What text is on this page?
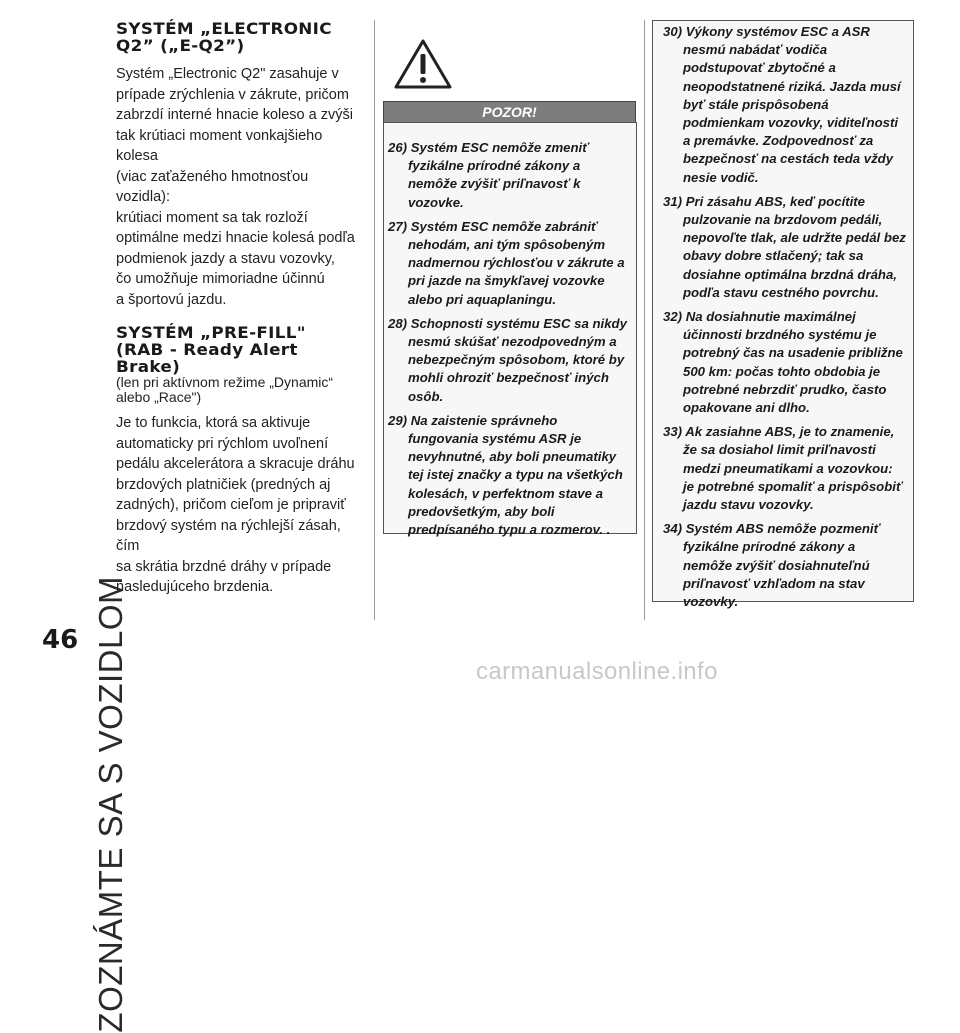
ZOZNÁMTE SA S VOZIDLOM
46

SYSTÉM „ELECTRONIC

Q2” („E-Q2”)

Systém „Electronic Q2" zasahuje v
prípade zrýchlenia v zákrute, pričom
zabrzdí interné hnacie koleso a zvýši
tak krútiaci moment vonkajšieho kolesa
(viac zaťaženého hmotnosťou vozidla):
krútiaci moment sa tak rozloží
optimálne medzi hnacie kolesá podľa
podmienok jazdy a stavu vozovky,
čo umožňuje mimoriadne účinnú
a športovú jazdu.

SYSTÉM „PRE-FILL"

(RAB - Ready Alert

Brake)

(len pri aktívnom režime „Dynamic“
alebo „Race")
Je to funkcia, ktorá sa aktivuje
automaticky pri rýchlom uvoľnení
pedálu akcelerátora a skracuje dráhu
brzdových platničiek (predných aj
zadných), pričom cieľom je pripraviť
brzdový systém na rýchlejší zásah, čím
sa skrátia brzdné dráhy v prípade
nasledujúceho brzdenia.
POZOR!

26) Systém ESC nemôže zmeniť fyzikálne prírodné zákony a nemôže zvýšiť priľnavosť k vozovke.

27) Systém ESC nemôže zabrániť nehodám, ani tým spôsobeným nadmernou rýchlosťou v zákrute a pri jazde na šmykľavej vozovke alebo pri aquaplaningu.

28) Schopnosti systému ESC sa nikdy nesmú skúšať nezodpovedným a nebezpečným spôsobom, ktoré by mohli ohroziť bezpečnosť iných osôb.

29) Na zaistenie správneho fungovania systému ASR je nevyhnutné, aby boli pneumatiky tej istej značky a typu na všetkých kolesách, v perfektnom stave a predovšetkým, aby boli predpísaného typu a rozmerov. .

30) Výkony systémov ESC a ASR nesmú nabádať vodiča podstupovať zbytočné a neopodstatnené riziká. Jazda musí byť stále prispôsobená podmienkam vozovky, viditeľnosti a premávke. Zodpovednosť za bezpečnosť na cestách teda vždy nesie vodič.

31) Pri zásahu ABS, keď pocítite pulzovanie na brzdovom pedáli, nepovoľte tlak, ale udržte pedál bez obavy dobre stlačený; tak sa dosiahne optimálna brzdná dráha, podľa stavu cestného povrchu.

32) Na dosiahnutie maximálnej účinnosti brzdného systému je potrebný čas na usadenie približne 500 km: počas tohto obdobia je potrebné nebrzdiť prudko, často opakovane ani dlho.

33) Ak zasiahne ABS, je to znamenie, že sa dosiahol limit priľnavosti medzi pneumatikami a vozovkou: je potrebné spomaliť a prispôsobiť jazdu stavu vozovky.

34) Systém ABS nemôže pozmeniť fyzikálne prírodné zákony a nemôže zvýšiť dosiahnuteľnú priľnavosť vzhľadom na stav vozovky.

carmanualsonline.info
